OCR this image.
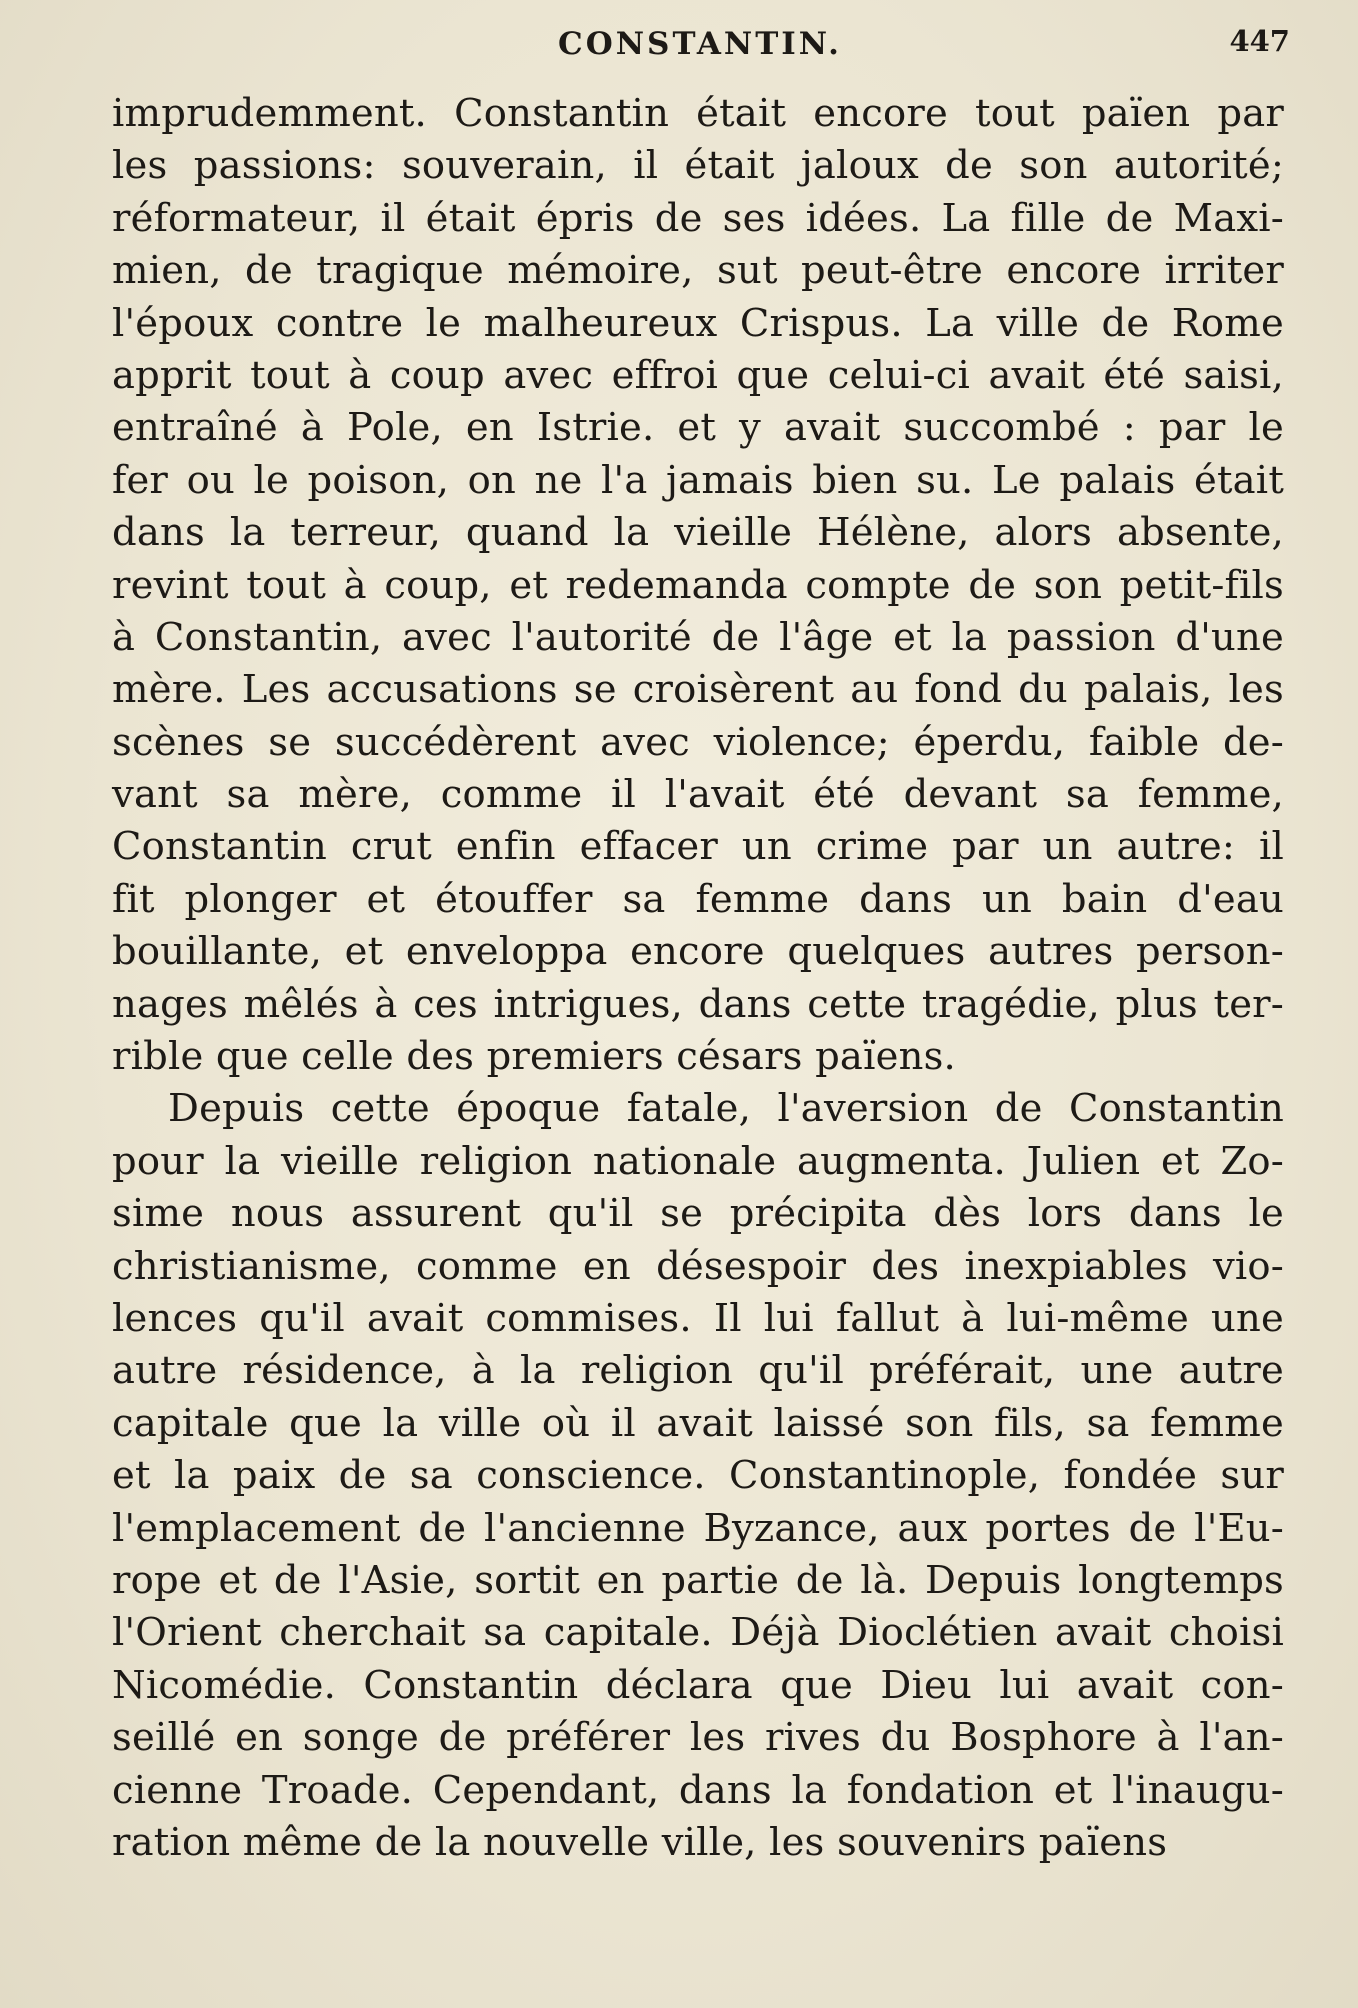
CONSTANTIN.	447
imprudemment. Constantin était encore tout païen par
les passions: souverain, il était jaloux de son autorité;
réformateur, il était épris de ses idées. La fille de Maxi-
mien, de tragique mémoire, sut peut-être encore irriter
l'époux contre le malheureux Crispus. La ville de Rome
apprit tout à coup avec effroi que celui-ci avait été saisi,
entraîné à Pole, en Istrie. et y avait succombé : par le
fer ou le poison, on ne l'a jamais bien su. Le palais était
dans la terreur, quand la vieille Hélène, alors absente,
revint tout à coup, et redemanda compte de son petit-fils
à Constantin, avec l'autorité de l'âge et la passion d'une
mère. Les accusations se croisèrent au fond du palais, les
scènes se succédèrent avec violence; éperdu, faible de-
vant sa mère, comme il l'avait été devant sa femme,
Constantin crut enfin effacer un crime par un autre: il
fit plonger et étouffer sa femme dans un bain d'eau
bouillante, et enveloppa encore quelques autres person-
nages mêlés à ces intrigues, dans cette tragédie, plus ter-
rible que celle des premiers césars païens.
Depuis cette époque fatale, l'aversion de Constantin
pour la vieille religion nationale augmenta. Julien et Zo-
sime nous assurent qu'il se précipita dès lors dans le
christianisme, comme en désespoir des inexpiables vio-
lences qu'il avait commises. Il lui fallut à lui-même une
autre résidence, à la religion qu'il préférait, une autre
capitale que la ville où il avait laissé son fils, sa femme
et la paix de sa conscience. Constantinople, fondée sur
l'emplacement de l'ancienne Byzance, aux portes de l'Eu-
rope et de l'Asie, sortit en partie de là. Depuis longtemps
l'Orient cherchait sa capitale. Déjà Dioclétien avait choisi
Nicomédie. Constantin déclara que Dieu lui avait con-
seillé en songe de préférer les rives du Bosphore à l'an-
cienne Troade. Cependant, dans la fondation et l'inaugu-
ration même de la nouvelle ville, les souvenirs païens
